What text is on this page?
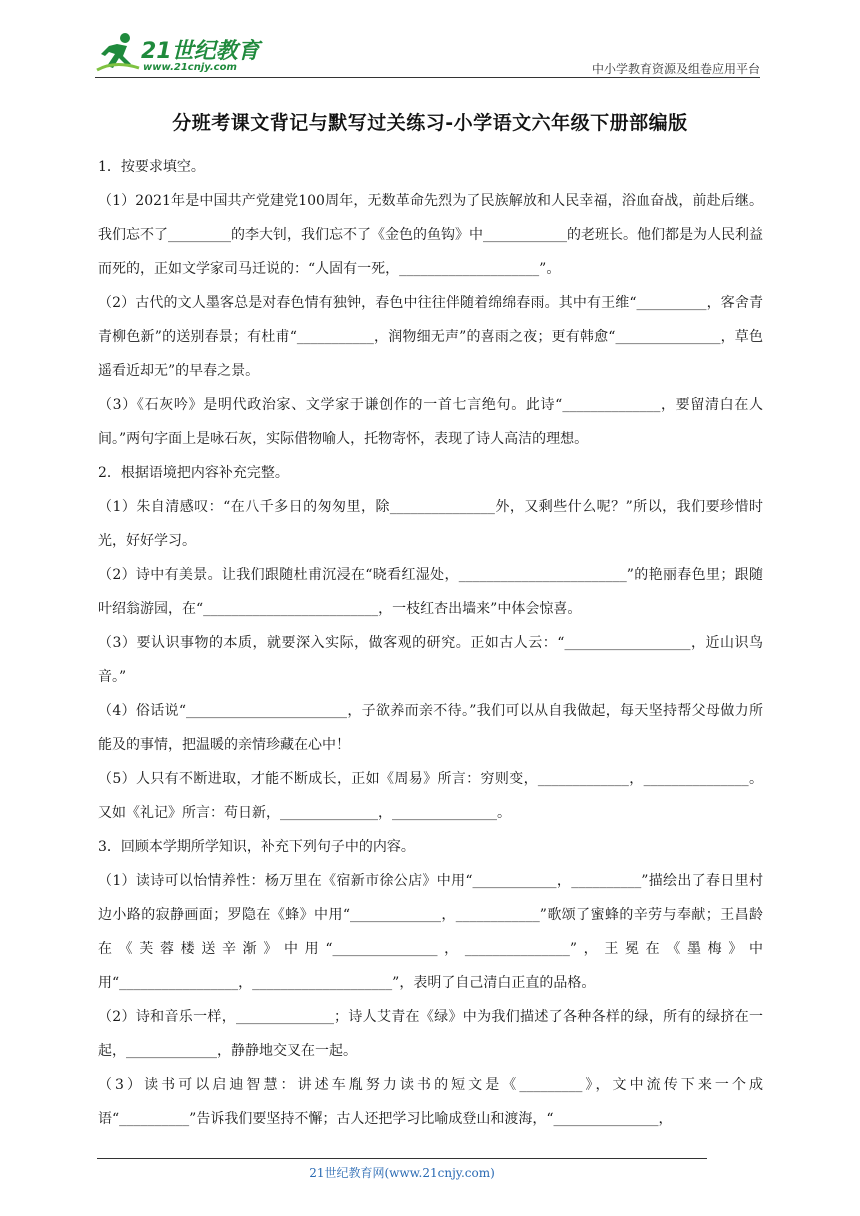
21世纪教育
www.21cnjy.com	中小学教育资源及组卷应用平台
分班考课文背记与默写过关练习-小学语文六年级下册部编版

1．按要求填空。

（1）2021年是中国共产党建党100周年，无数革命先烈为了民族解放和人民幸福，浴血奋战，前赴后继。我们忘不了_________的李大钊，我们忘不了《金色的鱼钩》中____________的老班长。他们都是为人民利益而死的，正如文学家司马迁说的：“人固有一死，____________________”。

（2）古代的文人墨客总是对春色情有独钟，春色中往往伴随着绵绵春雨。其中有王维“__________，客舍青青柳色新”的送别春景；有杜甫“___________，润物细无声”的喜雨之夜；更有韩愈“_______________，草色遥看近却无”的早春之景。

（3）《石灰吟》是明代政治家、文学家于谦创作的一首七言绝句。此诗“______________，要留清白在人间。”两句字面上是咏石灰，实际借物喻人，托物寄怀，表现了诗人高洁的理想。

2．根据语境把内容补充完整。

（1）朱自清感叹：“在八千多日的匆匆里，除_______________外，又剩些什么呢？”所以，我们要珍惜时光，好好学习。

（2）诗中有美景。让我们跟随杜甫沉浸在“晓看红湿处，________________________”的艳丽春色里；跟随叶绍翁游园，在“_________________________，一枝红杏出墙来”中体会惊喜。

（3）要认识事物的本质，就要深入实际，做客观的研究。正如古人云：“__________________，近山识鸟音。”

（4）俗话说“_______________________，子欲养而亲不待。”我们可以从自我做起，每天坚持帮父母做力所能及的事情，把温暖的亲情珍藏在心中！

（5）人只有不断进取，才能不断成长，正如《周易》所言：穷则变，_____________，_______________。又如《礼记》所言：苟日新，______________，_______________。

3．回顾本学期所学知识，补充下列句子中的内容。

（1）读诗可以怡情养性：杨万里在《宿新市徐公店》中用“____________，__________”描绘出了春日里村边小路的寂静画面；罗隐在《蜂》中用“_____________，____________”歌颂了蜜蜂的辛劳与奉献；王昌龄在《芙蓉楼送辛渐》中用“_______________，_______________”，王冕在《墨梅》中用“_________________，____________________”，表明了自己清白正直的品格。

（2）诗和音乐一样，______________；诗人艾青在《绿》中为我们描述了各种各样的绿，所有的绿挤在一起，_____________，静静地交叉在一起。

（3）读书可以启迪智慧：讲述车胤努力读书的短文是《_________》，文中流传下来一个成语“__________”告诉我们要坚持不懈；古人还把学习比喻成登山和渡海，“_______________，

21世纪教育网(www.21cnjy.com)
